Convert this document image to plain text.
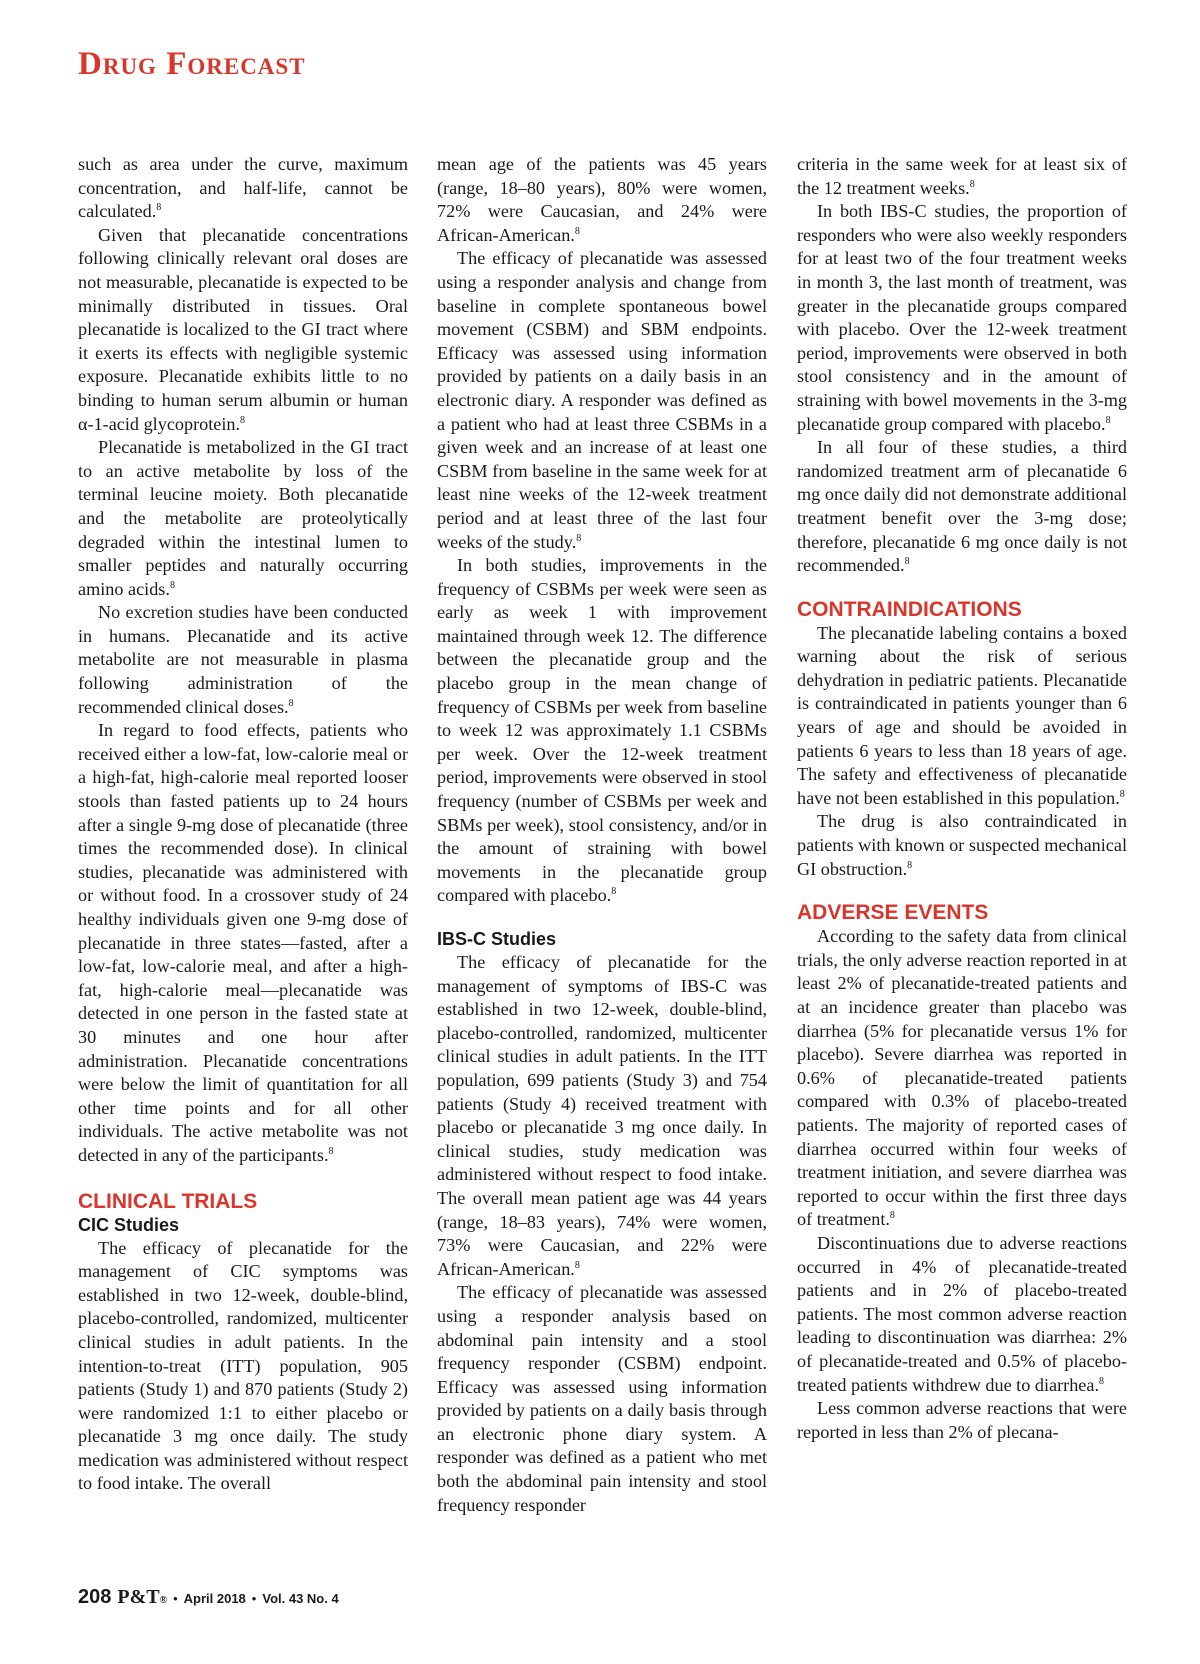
Drug Forecast

such as area under the curve, maximum concentration, and half-life, cannot be calculated.$^8$

Given that plecanatide concentrations following clinically relevant oral doses are not measurable, plecanatide is expected to be minimally distributed in tissues. Oral plecanatide is localized to the GI tract where it exerts its effects with negligible systemic exposure. Plecanatide exhibits little to no binding to human serum albumin or human α-1-acid glycoprotein.$^8$

Plecanatide is metabolized in the GI tract to an active metabolite by loss of the terminal leucine moiety. Both plecanatide and the metabolite are proteolytically degraded within the intestinal lumen to smaller peptides and naturally occurring amino acids.$^8$

No excretion studies have been conducted in humans. Plecanatide and its active metabolite are not measurable in plasma following administration of the recommended clinical doses.$^8$

In regard to food effects, patients who received either a low-fat, low-calorie meal or a high-fat, high-calorie meal reported looser stools than fasted patients up to 24 hours after a single 9-mg dose of plecanatide (three times the recommended dose). In clinical studies, plecanatide was administered with or without food. In a crossover study of 24 healthy individuals given one 9-mg dose of plecanatide in three states—fasted, after a low-fat, low-calorie meal, and after a high-fat, high-calorie meal—plecanatide was detected in one person in the fasted state at 30 minutes and one hour after administration. Plecanatide concentrations were below the limit of quantitation for all other time points and for all other individuals. The active metabolite was not detected in any of the participants.$^8$

CLINICAL TRIALS
CIC Studies

The efficacy of plecanatide for the management of CIC symptoms was established in two 12-week, double-blind, placebo-controlled, randomized, multicenter clinical studies in adult patients. In the intention-to-treat (ITT) population, 905 patients (Study 1) and 870 patients (Study 2) were randomized 1:1 to either placebo or plecanatide 3 mg once daily. The study medication was administered without respect to food intake. The overall

mean age of the patients was 45 years (range, 18–80 years), 80% were women, 72% were Caucasian, and 24% were African-American.$^8$

The efficacy of plecanatide was assessed using a responder analysis and change from baseline in complete spontaneous bowel movement (CSBM) and SBM endpoints. Efficacy was assessed using information provided by patients on a daily basis in an electronic diary. A responder was defined as a patient who had at least three CSBMs in a given week and an increase of at least one CSBM from baseline in the same week for at least nine weeks of the 12-week treatment period and at least three of the last four weeks of the study.$^8$

In both studies, improvements in the frequency of CSBMs per week were seen as early as week 1 with improvement maintained through week 12. The difference between the plecanatide group and the placebo group in the mean change of frequency of CSBMs per week from baseline to week 12 was approximately 1.1 CSBMs per week. Over the 12-week treatment period, improvements were observed in stool frequency (number of CSBMs per week and SBMs per week), stool consistency, and/or in the amount of straining with bowel movements in the plecanatide group compared with placebo.$^8$

IBS-C Studies

The efficacy of plecanatide for the management of symptoms of IBS-C was established in two 12-week, double-blind, placebo-controlled, randomized, multicenter clinical studies in adult patients. In the ITT population, 699 patients (Study 3) and 754 patients (Study 4) received treatment with placebo or plecanatide 3 mg once daily. In clinical studies, study medication was administered without respect to food intake. The overall mean patient age was 44 years (range, 18–83 years), 74% were women, 73% were Caucasian, and 22% were African-American.$^8$

The efficacy of plecanatide was assessed using a responder analysis based on abdominal pain intensity and a stool frequency responder (CSBM) endpoint. Efficacy was assessed using information provided by patients on a daily basis through an electronic phone diary system. A responder was defined as a patient who met both the abdominal pain intensity and stool frequency responder

criteria in the same week for at least six of the 12 treatment weeks.$^8$

In both IBS-C studies, the proportion of responders who were also weekly responders for at least two of the four treatment weeks in month 3, the last month of treatment, was greater in the plecanatide groups compared with placebo. Over the 12-week treatment period, improvements were observed in both stool consistency and in the amount of straining with bowel movements in the 3-mg plecanatide group compared with placebo.$^8$

In all four of these studies, a third randomized treatment arm of plecanatide 6 mg once daily did not demonstrate additional treatment benefit over the 3-mg dose; therefore, plecanatide 6 mg once daily is not recommended.$^8$

CONTRAINDICATIONS

The plecanatide labeling contains a boxed warning about the risk of serious dehydration in pediatric patients. Plecanatide is contraindicated in patients younger than 6 years of age and should be avoided in patients 6 years to less than 18 years of age. The safety and effectiveness of plecanatide have not been established in this population.$^8$

The drug is also contraindicated in patients with known or suspected mechanical GI obstruction.$^8$

ADVERSE EVENTS

According to the safety data from clinical trials, the only adverse reaction reported in at least 2% of plecanatide-treated patients and at an incidence greater than placebo was diarrhea (5% for plecanatide versus 1% for placebo). Severe diarrhea was reported in 0.6% of plecanatide-treated patients compared with 0.3% of placebo-treated patients. The majority of reported cases of diarrhea occurred within four weeks of treatment initiation, and severe diarrhea was reported to occur within the first three days of treatment.$^8$

Discontinuations due to adverse reactions occurred in 4% of plecanatide-treated patients and in 2% of placebo-treated patients. The most common adverse reaction leading to discontinuation was diarrhea: 2% of plecanatide-treated and 0.5% of placebo-treated patients withdrew due to diarrhea.$^8$

Less common adverse reactions that were reported in less than 2% of plecana-

208 P&T® • April 2018 • Vol. 43 No. 4
